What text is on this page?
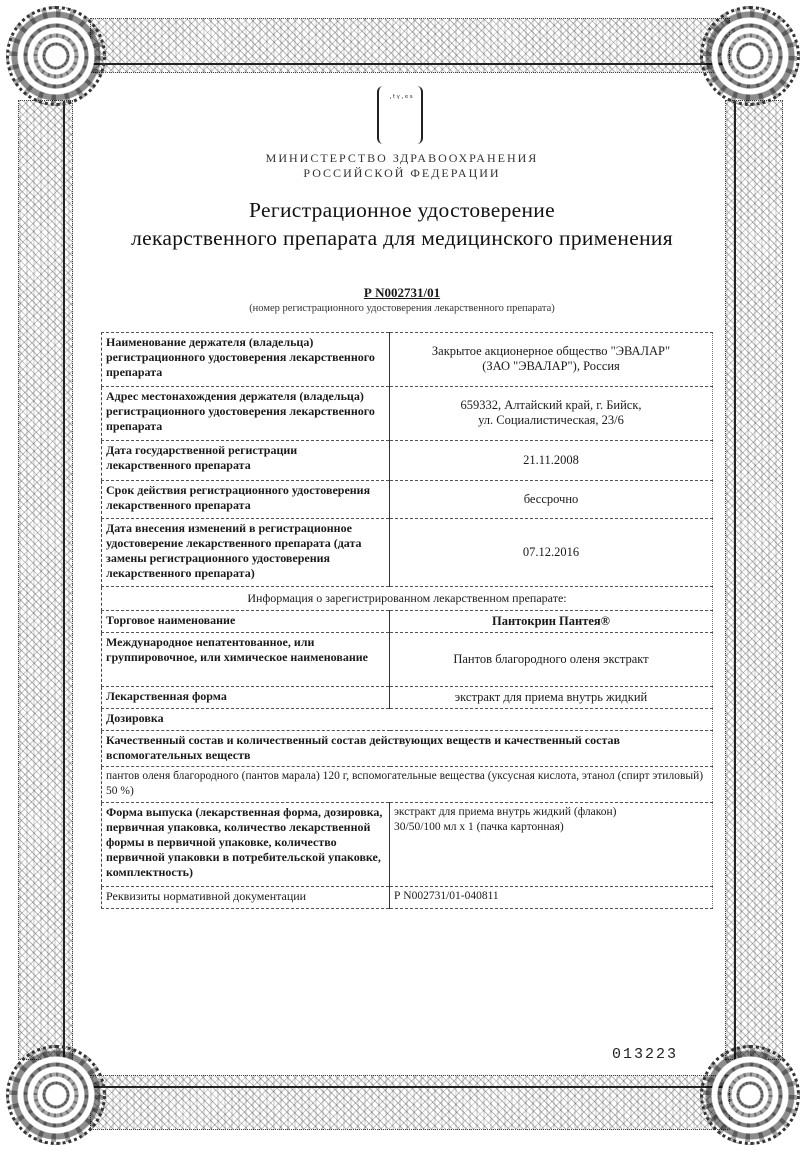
·ᵗᵞ·ᵉˢ
МИНИСТЕРСТВО ЗДРАВООХРАНЕНИЯ
РОССИЙСКОЙ ФЕДЕРАЦИИ
Регистрационное удостоверение
лекарственного препарата для медицинского применения
Р N002731/01
(номер регистрационного удостоверения лекарственного препарата)
Наименование держателя (владельца) регистрационного удостоверения лекарственного препарата	Закрытое акционерное общество "ЭВАЛАР"
(ЗАО "ЭВАЛАР"), Россия

Адрес местонахождения держателя (владельца) регистрационного удостоверения лекарственного препарата	659332, Алтайский край, г. Бийск,
ул. Социалистическая, 23/6

Дата государственной регистрации лекарственного препарата	21.11.2008
Срок действия регистрационного удостоверения лекарственного препарата	бессрочно
Дата внесения изменений в регистрационное удостоверение лекарственного препарата (дата замены регистрационного удостоверения лекарственного препарата)	07.12.2016
Информация о зарегистрированном лекарственном препарате:	
Торговое наименование	Пантокрин Пантея®
Международное непатентованное, или группировочное, или химическое наименование	Пантов благородного оленя экстракт
Лекарственная форма	экстракт для приема внутрь жидкий
Дозировка	
Качественный состав и количественный состав действующих веществ и качественный состав вспомогательных веществ	
пантов оленя благородного (пантов марала) 120 г, вспомогательные вещества (уксусная кислота, этанол (спирт этиловый) 50 %)	
Форма выпуска (лекарственная форма, дозировка, первичная упаковка, количество лекарственной формы в первичной упаковке, количество первичной упаковки в потребительской упаковке, комплектность)	экстракт для приема внутрь жидкий (флакон)
30/50/100 мл x 1 (пачка картонная)

Реквизиты нормативной документации	Р N002731/01-040811
013223
